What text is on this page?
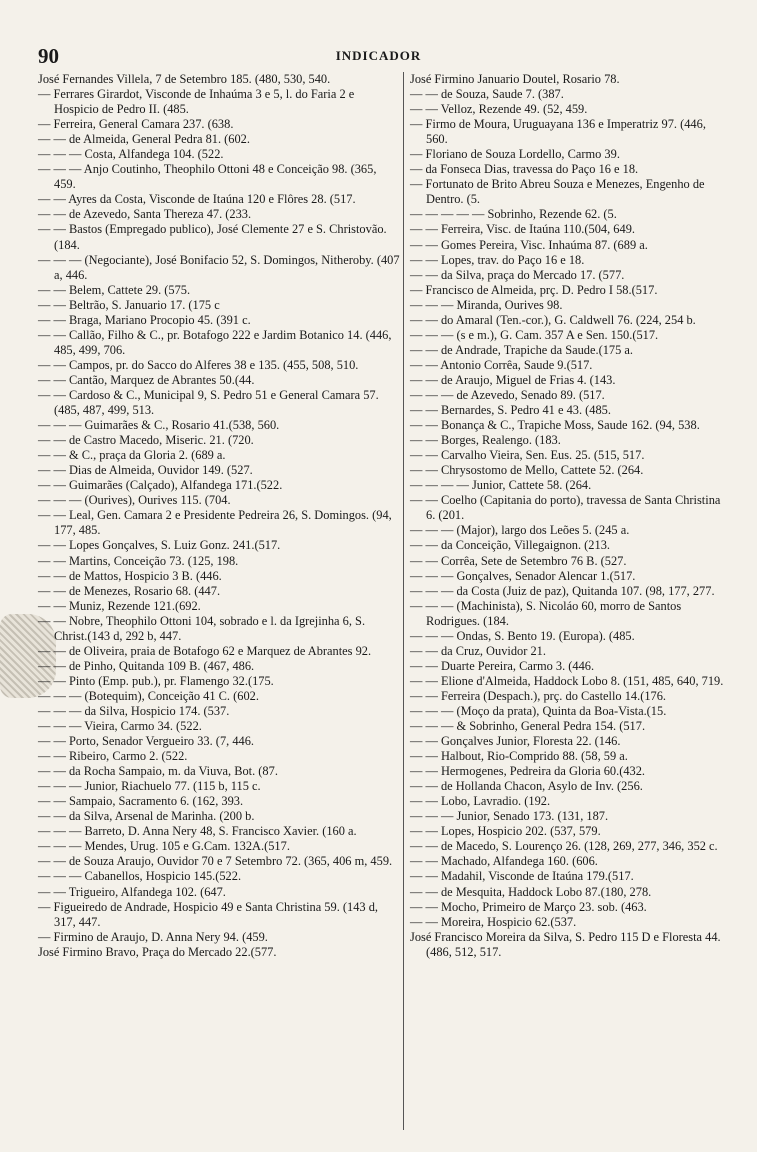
90	INDICADOR

José Fernandes Villela, 7 de Setembro 185. (480, 530, 540.

— Ferrares Girardot, Visconde de Inhaúma 3 e 5, l. do Faria 2 e Hospicio de Pedro II. (485.

— Ferreira, General Camara 237. (638.

— — de Almeida, General Pedra 81. (602.

— — — Costa, Alfandega 104. (522.

— — — Anjo Coutinho, Theophilo Ottoni 48 e Conceição 98. (365, 459.

— — Ayres da Costa, Visconde de Itaúna 120 e Flôres 28. (517.

— — de Azevedo, Santa Thereza 47. (233.

— — Bastos (Empregado publico), José Clemente 27 e S. Christovão. (184.

— — — (Negociante), José Bonifacio 52, S. Domingos, Nitheroby. (407 a, 446.

— — Belem, Cattete 29. (575.

— — Beltrão, S. Januario 17. (175 c

— — Braga, Mariano Procopio 45. (391 c.

— — Callão, Filho & C., pr. Botafogo 222 e Jardim Botanico 14. (446, 485, 499, 706.

— — Campos, pr. do Sacco do Alferes 38 e 135. (455, 508, 510.

— — Cantão, Marquez de Abrantes 50.(44.

— — Cardoso & C., Municipal 9, S. Pedro 51 e General Camara 57. (485, 487, 499, 513.

— — — Guimarães & C., Rosario 41.(538, 560.

— — de Castro Macedo, Miseric. 21. (720.

— — & C., praça da Gloria 2. (689 a.

— — Dias de Almeida, Ouvidor 149. (527.

— — Guimarães (Calçado), Alfandega 171.(522.

— — — (Ourives), Ourives 115. (704.

— — Leal, Gen. Camara 2 e Presidente Pedreira 26, S. Domingos. (94, 177, 485.

— — Lopes Gonçalves, S. Luiz Gonz. 241.(517.

— — Martins, Conceição 73. (125, 198.

— — de Mattos, Hospicio 3 B. (446.

— — de Menezes, Rosario 68. (447.

— — Muniz, Rezende 121.(692.

— — Nobre, Theophilo Ottoni 104, sobrado e l. da Igrejinha 6, S. Christ.(143 d, 292 b, 447.

— — de Oliveira, praia de Botafogo 62 e Marquez de Abrantes 92.

— — de Pinho, Quitanda 109 B. (467, 486.

— — Pinto (Emp. pub.), pr. Flamengo 32.(175.

— — — (Botequim), Conceição 41 C. (602.

— — — da Silva, Hospicio 174. (537.

— — — Vieira, Carmo 34. (522.

— — Porto, Senador Vergueiro 33. (7, 446.

— — Ribeiro, Carmo 2. (522.

— — da Rocha Sampaio, m. da Viuva, Bot. (87.

— — — Junior, Riachuelo 77. (115 b, 115 c.

— — Sampaio, Sacramento 6. (162, 393.

— — da Silva, Arsenal de Marinha. (200 b.

— — — Barreto, D. Anna Nery 48, S. Francisco Xavier. (160 a.

— — — Mendes, Urug. 105 e G.Cam. 132A.(517.

— — de Souza Araujo, Ouvidor 70 e 7 Setembro 72. (365, 406 m, 459.

— — — Cabanellos, Hospicio 145.(522.

— — Trigueiro, Alfandega 102. (647.

— Figueiredo de Andrade, Hospicio 49 e Santa Christina 59. (143 d, 317, 447.

— Firmino de Araujo, D. Anna Nery 94. (459.

José Firmino Bravo, Praça do Mercado 22.(577.

José Firmino Januario Doutel, Rosario 78.

— — de Souza, Saude 7. (387.

— — Velloz, Rezende 49. (52, 459.

— Firmo de Moura, Uruguayana 136 e Imperatriz 97. (446, 560.

— Floriano de Souza Lordello, Carmo 39.

— da Fonseca Dias, travessa do Paço 16 e 18.

— Fortunato de Brito Abreu Souza e Menezes, Engenho de Dentro. (5.

— — — — — Sobrinho, Rezende 62. (5.

— — Ferreira, Visc. de Itaúna 110.(504, 649.

— — Gomes Pereira, Visc. Inhaúma 87. (689 a.

— — Lopes, trav. do Paço 16 e 18.

— — da Silva, praça do Mercado 17. (577.

— Francisco de Almeida, prç. D. Pedro I 58.(517.

— — — Miranda, Ourives 98.

— — do Amaral (Ten.-cor.), G. Caldwell 76. (224, 254 b.

— — — (s e m.), G. Cam. 357 A e Sen. 150.(517.

— — de Andrade, Trapiche da Saude.(175 a.

— — Antonio Corrêa, Saude 9.(517.

— — de Araujo, Miguel de Frias 4. (143.

— — — de Azevedo, Senado 89. (517.

— — Bernardes, S. Pedro 41 e 43. (485.

— — Bonança & C., Trapiche Moss, Saude 162. (94, 538.

— — Borges, Realengo. (183.

— — Carvalho Vieira, Sen. Eus. 25. (515, 517.

— — Chrysostomo de Mello, Cattete 52. (264.

— — — — Junior, Cattete 58. (264.

— — Coelho (Capitania do porto), travessa de Santa Christina 6. (201.

— — — (Major), largo dos Leões 5. (245 a.

— — da Conceição, Villegaignon. (213.

— — Corrêa, Sete de Setembro 76 B. (527.

— — — Gonçalves, Senador Alencar 1.(517.

— — — da Costa (Juiz de paz), Quitanda 107. (98, 177, 277.

— — — (Machinista), S. Nicoláo 60, morro de Santos Rodrigues. (184.

— — — Ondas, S. Bento 19. (Europa). (485.

— — da Cruz, Ouvidor 21.

— — Duarte Pereira, Carmo 3. (446.

— — Elione d'Almeida, Haddock Lobo 8. (151, 485, 640, 719.

— — Ferreira (Despach.), prç. do Castello 14.(176.

— — — (Moço da prata), Quinta da Boa-Vista.(15.

— — — & Sobrinho, General Pedra 154. (517.

— — Gonçalves Junior, Floresta 22. (146.

— — Halbout, Rio-Comprido 88. (58, 59 a.

— — Hermogenes, Pedreira da Gloria 60.(432.

— — de Hollanda Chacon, Asylo de Inv. (256.

— — Lobo, Lavradio. (192.

— — — Junior, Senado 173. (131, 187.

— — Lopes, Hospicio 202. (537, 579.

— — de Macedo, S. Lourenço 26. (128, 269, 277, 346, 352 c.

— — Machado, Alfandega 160. (606.

— — Madahil, Visconde de Itaúna 179.(517.

— — de Mesquita, Haddock Lobo 87.(180, 278.

— — Mocho, Primeiro de Março 23. sob. (463.

— — Moreira, Hospicio 62.(537.

José Francisco Moreira da Silva, S. Pedro 115 D e Floresta 44. (486, 512, 517.
